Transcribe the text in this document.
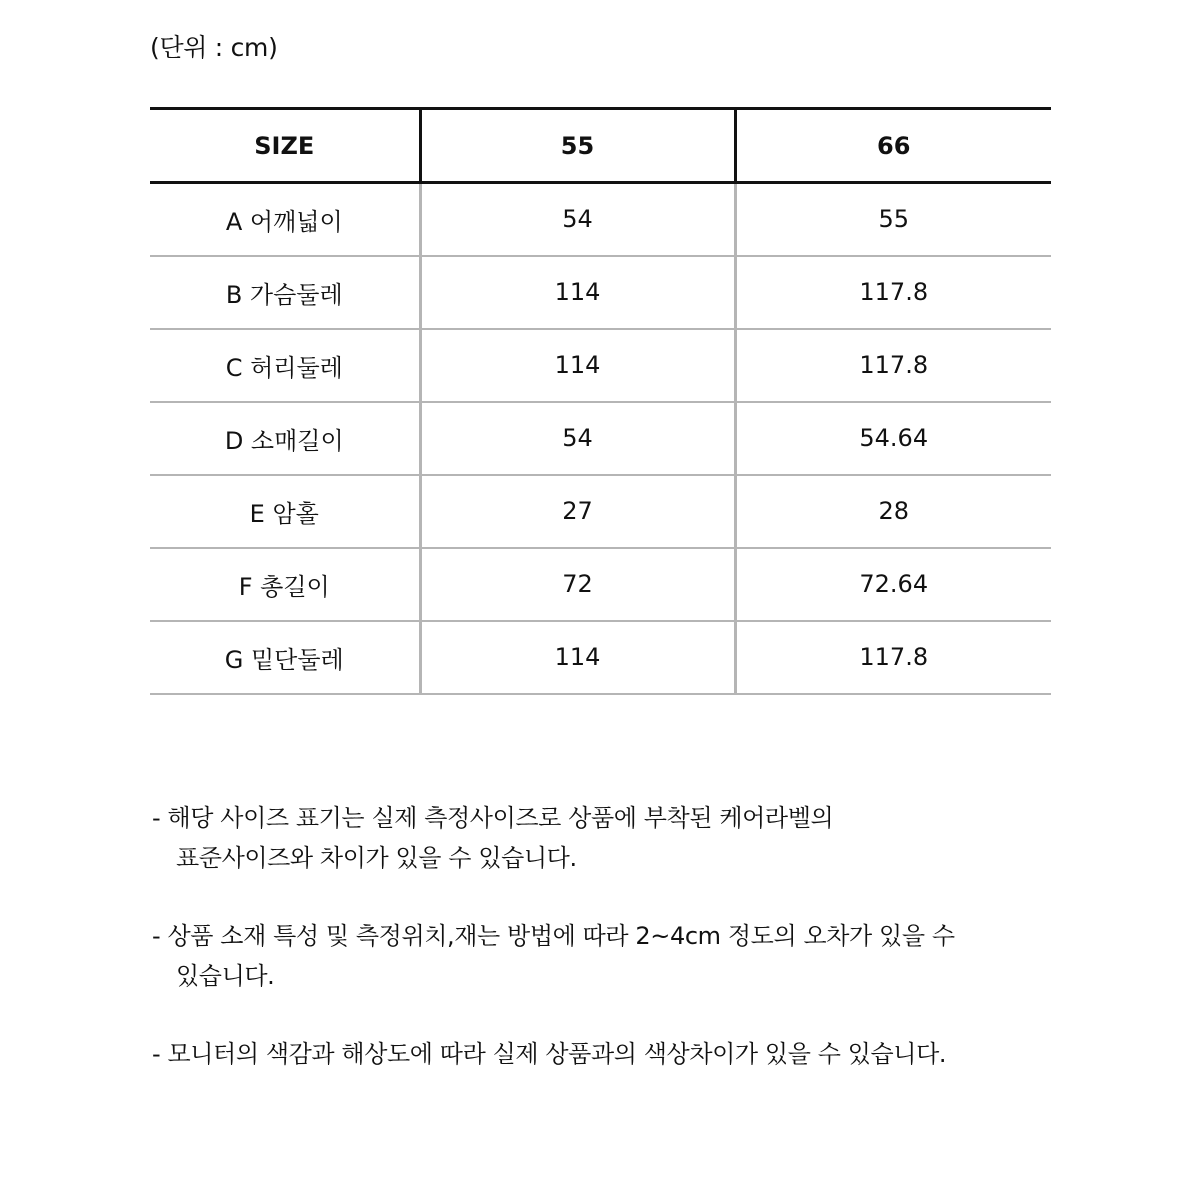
(단위 : cm)
SIZE	55	66
A 어깨넓이	54	55
B 가슴둘레	114	117.8
C 허리둘레	114	117.8
D 소매길이	54	54.64
E 암홀	27	28
F 총길이	72	72.64
G 밑단둘레	114	117.8

- 해당 사이즈 표기는 실제 측정사이즈로 상품에 부착된 케어라벨의
표준사이즈와 차이가 있을 수 있습니다.

- 상품 소재 특성 및 측정위치,재는 방법에 따라 2~4cm 정도의 오차가 있을 수
있습니다.

- 모니터의 색감과 해상도에 따라 실제 상품과의 색상차이가 있을 수 있습니다.
